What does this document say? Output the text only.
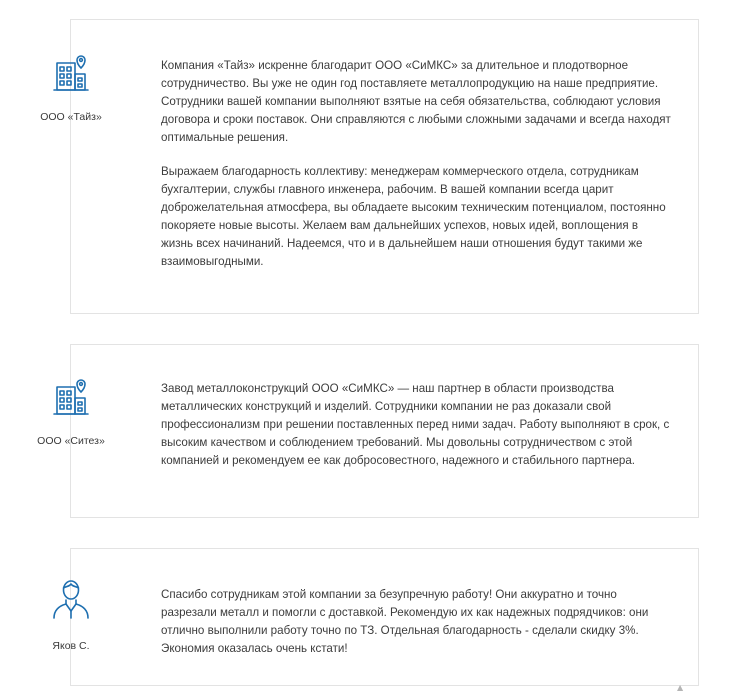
ООО «Тайз»

Компания «Тайз» искренне благодарит ООО «СиМКС» за длительное и плодотворное сотрудничество. Вы уже не один год поставляете металлопродукцию на наше предприятие. Сотрудники вашей компании выполняют взятые на себя обязательства, соблюдают условия договора и сроки поставок. Они справляются с любыми сложными задачами и всегда находят оптимальные решения.

Выражаем благодарность коллективу: менеджерам коммерческого отдела, сотрудникам бухгалтерии, службы главного инженера, рабочим. В вашей компании всегда царит доброжелательная атмосфера, вы обладаете высоким техническим потенциалом, постоянно покоряете новые высоты. Желаем вам дальнейших успехов, новых идей, воплощения в жизнь всех начинаний. Надеемся, что и в дальнейшем наши отношения будут такими же взаимовыгодными.

ООО «Ситез»

Завод металлоконструкций ООО «СиМКС» — наш партнер в области производства металлических конструкций и изделий. Сотрудники компании не раз доказали свой профессионализм при решении поставленных перед ними задач. Работу выполняют в срок, с высоким качеством и соблюдением требований. Мы довольны сотрудничеством с этой компанией и рекомендуем ее как добросовестного, надежного и стабильного партнера.

Яков С.

Спасибо сотрудникам этой компании за безупречную работу! Они аккуратно и точно разрезали металл и помогли с доставкой. Рекомендую их как надежных подрядчиков: они отлично выполнили работу точно по ТЗ. Отдельная благодарность - сделали скидку 3%. Экономия оказалась очень кстати!

▲
